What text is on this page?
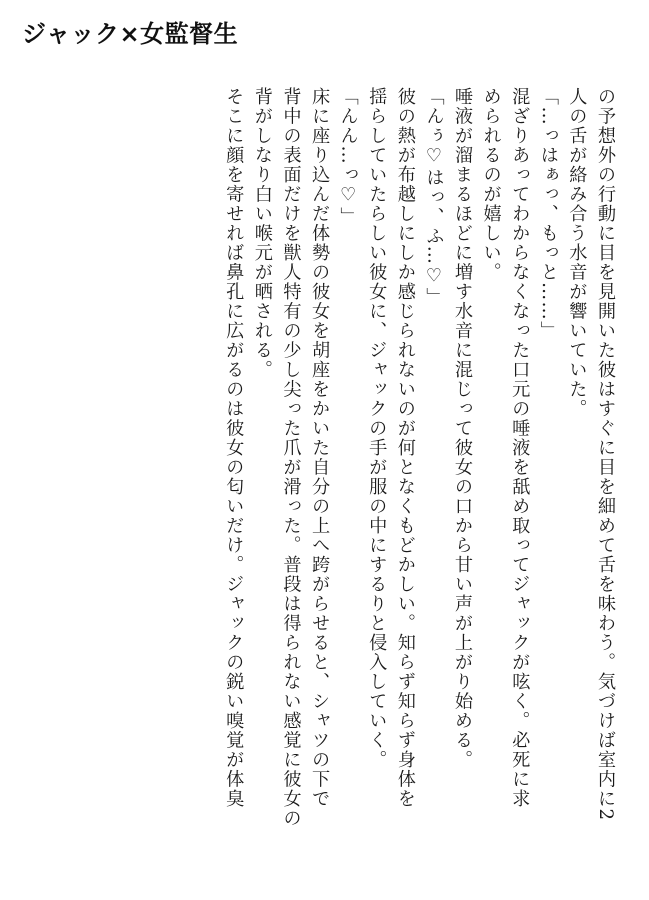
ジャック×女監督生
の予想外の行動に目を見開いた彼はすぐに目を細めて舌を味わう。気づけば室内に2
人の舌が絡み合う水音が響いていた。
「…っはぁっ、もっと……」
混ざりあってわからなくなった口元の唾液を舐め取ってジャックが呟く。必死に求
められるのが嬉しい。
唾液が溜まるほどに増す水音に混じって彼女の口から甘い声が上がり始める。
「んぅ♡はっ、ふ…♡」
彼の熱が布越しにしか感じられないのが何となくもどかしい。知らず知らず身体を
揺らしていたらしい彼女に、ジャックの手が服の中にするりと侵入していく。
「んん…っ♡」
床に座り込んだ体勢の彼女を胡座をかいた自分の上へ跨がらせると、シャツの下で
背中の表面だけを獣人特有の少し尖った爪が滑った。普段は得られない感覚に彼女の
背がしなり白い喉元が晒される。
そこに顔を寄せれば鼻孔に広がるのは彼女の匂いだけ。ジャックの鋭い嗅覚が体臭
